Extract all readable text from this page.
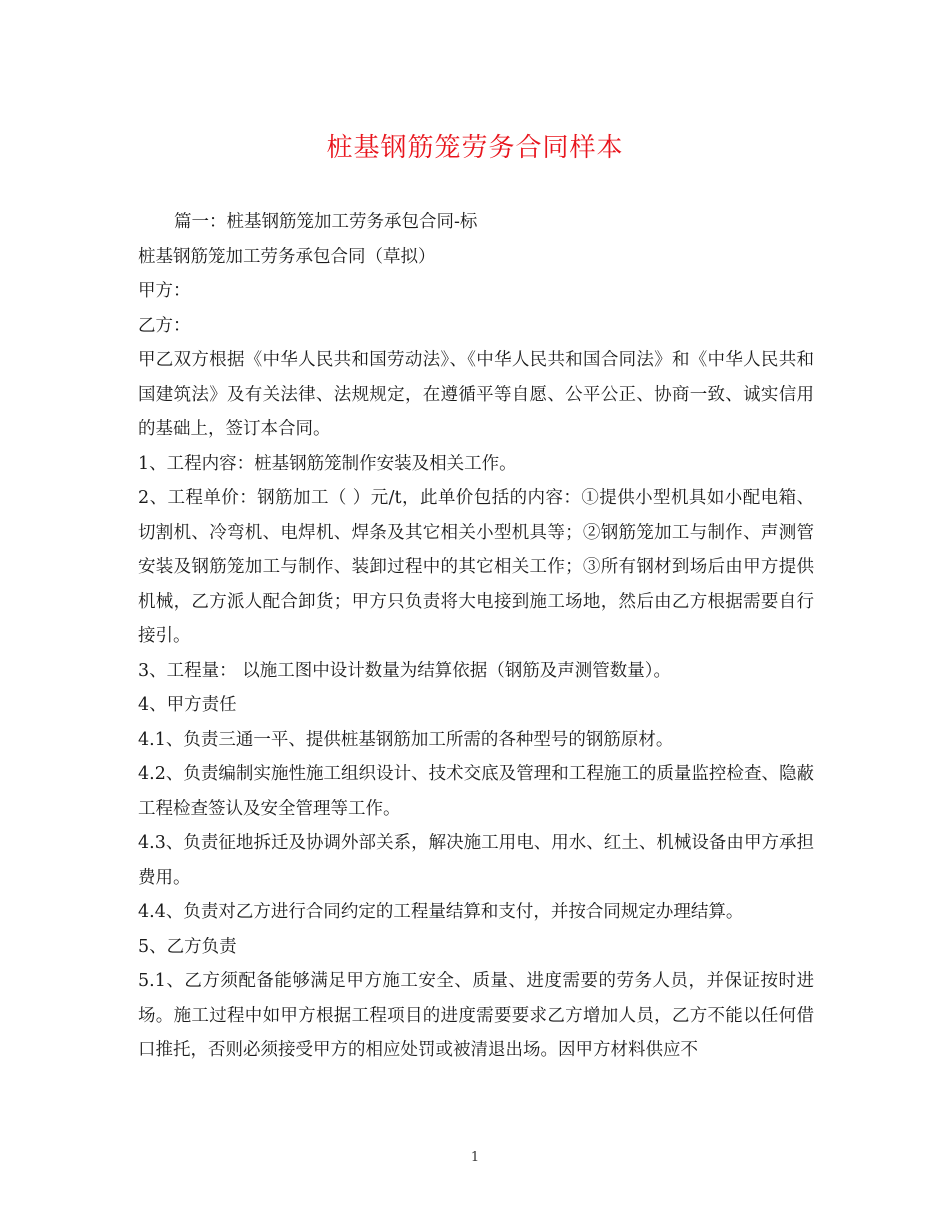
桩基钢筋笼劳务合同样本

篇一：桩基钢筋笼加工劳务承包合同-标

桩基钢筋笼加工劳务承包合同（草拟）

甲方：

乙方：

甲乙双方根据《中华人民共和国劳动法》、《中华人民共和国合同法》和《中华人民共和国建筑法》及有关法律、法规规定，在遵循平等自愿、公平公正、协商一致、诚实信用的基础上，签订本合同。

1、工程内容：桩基钢筋笼制作安装及相关工作。

2、工程单价：钢筋加工（ ）元/t，此单价包括的内容：①提供小型机具如小配电箱、切割机、冷弯机、电焊机、焊条及其它相关小型机具等；②钢筋笼加工与制作、声测管安装及钢筋笼加工与制作、装卸过程中的其它相关工作；③所有钢材到场后由甲方提供机械，乙方派人配合卸货；甲方只负责将大电接到施工场地，然后由乙方根据需要自行接引。

3、工程量： 以施工图中设计数量为结算依据（钢筋及声测管数量）。

4、甲方责任

4.1、负责三通一平、提供桩基钢筋加工所需的各种型号的钢筋原材。

4.2、负责编制实施性施工组织设计、技术交底及管理和工程施工的质量监控检查、隐蔽工程检查签认及安全管理等工作。

4.3、负责征地拆迁及协调外部关系，解决施工用电、用水、红土、机械设备由甲方承担费用。

4.4、负责对乙方进行合同约定的工程量结算和支付，并按合同规定办理结算。

5、乙方负责

5.1、乙方须配备能够满足甲方施工安全、质量、进度需要的劳务人员，并保证按时进场。施工过程中如甲方根据工程项目的进度需要要求乙方增加人员，乙方不能以任何借口推托，否则必须接受甲方的相应处罚或被清退出场。因甲方材料供应不

1
